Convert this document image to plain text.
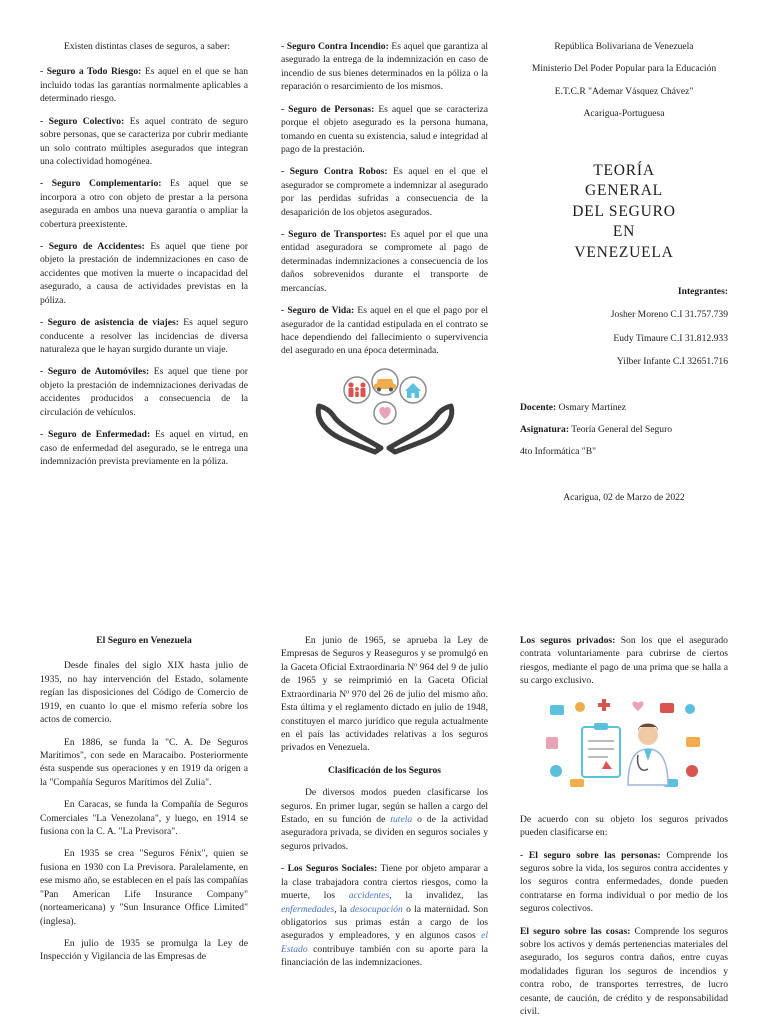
Existen distintas clases de seguros, a saber:

- Seguro a Todo Riesgo: Es aquel en el que se han incluido todas las garantías normalmente aplicables a determinado riesgo.

- Seguro Colectivo: Es aquel contrato de seguro sobre personas, que se caracteriza por cubrir mediante un solo contrato múltiples asegurados que integran una colectividad homogénea.

- Seguro Complementario: Es aquel que se incorpora a otro con objeto de prestar a la persona asegurada en ambos una nueva garantía o ampliar la cobertura preexistente.

- Seguro de Accidentes: Es aquel que tiene por objeto la prestación de indemnizaciones en caso de accidentes que motiven la muerte o incapacidad del asegurado, a causa de actividades previstas en la póliza.

- Seguro de asistencia de viajes: Es aquel seguro conducente a resolver las incidencias de diversa naturaleza que le hayan surgido durante un viaje.

- Seguro de Automóviles: Es aquel que tiene por objeto la prestación de indemnizaciones derivadas de accidentes producidos a consecuencia de la circulación de vehículos.

- Seguro de Enfermedad: Es aquel en virtud, en caso de enfermedad del asegurado, se le entrega una indemnización prevista previamente en la póliza.

- Seguro Contra Incendio: Es aquel que garantiza al asegurado la entrega de la indemnización en caso de incendio de sus bienes determinados en la póliza o la reparación o resarcimiento de los mismos.

- Seguro de Personas: Es aquel que se caracteriza porque el objeto asegurado es la persona humana, tomando en cuenta su existencia, salud e integridad al pago de la prestación.

- Seguro Contra Robos: Es aquel en el que el asegurador se compromete a indemnizar al asegurado por las perdidas sufridas a consecuencia de la desaparición de los objetos asegurados.

- Seguro de Transportes: Es aquel por el que una entidad aseguradora se compromete al pago de determinadas indemnizaciones a consecuencia de los daños sobrevenidos durante el transporte de mercancías.

- Seguro de Vida: Es aquel en el que el pago por el asegurador de la cantidad estipulada en el contrato se hace dependiendo del fallecimiento o supervivencia del asegurado en una época determinada.

República Bolivariana de Venezuela

Ministerio Del Poder Popular para la Educación

E.T.C.R "Ademar Vásquez Chávez"

Acarigua-Portuguesa

TEORÍA
GENERAL
DEL SEGURO
EN
VENEZUELA

Integrantes:

Josher Moreno C.I 31.757.739

Eudy Timaure C.I 31.812.933

Yilber Infante C.I 32651.716

Docente: Osmary Martínez

Asignatura: Teoría General del Seguro

4to Informática "B"

Acarigua, 02 de Marzo de 2022

El Seguro en Venezuela

Desde finales del siglo XIX hasta julio de 1935, no hay intervención del Estado, solamente regían las disposiciones del Código de Comercio de 1919, en cuanto lo que el mismo refería sobre los actos de comercio.

En 1886, se funda la "C. A. De Seguros Marítimos", con sede en Maracaibo. Posteriormente ésta suspende sus operaciones y en 1919 da origen a la "Compañía Seguros Marítimos del Zulia".

En Caracas, se funda la Compañía de Seguros Comerciales "La Venezolana", y luego, en 1914 se fusiona con la C. A. "La Previsora".

En 1935 se crea "Seguros Fénix", quien se fusiona en 1930 con La Previsora. Paralelamente, en ese mismo año, se establecen en el país las compañías "Pan American Life Insurance Company" (norteamericana) y "Sun Insurance Office Limited" (inglesa).

En julio de 1935 se promulga la Ley de Inspección y Vigilancia de las Empresas de

En junio de 1965, se aprueba la Ley de Empresas de Seguros y Reaseguros y se promulgó en la Gaceta Oficial Extraordinaria Nº 964 del 9 de julio de 1965 y se reimprimió en la Gaceta Oficial Extraordinaria Nº 970 del 26 de julio del mismo año. Esta última y el reglamento dictado en julio de 1948, constituyen el marco jurídico que regula actualmente en el país las actividades relativas a los seguros privados en Venezuela.

Clasificación de los Seguros

De diversos modos pueden clasificarse los seguros. En primer lugar, según se hallen a cargo del Estado, en su función de tutela o de la actividad aseguradora privada, se dividen en seguros sociales y seguros privados.

- Los Seguros Sociales: Tiene por objeto amparar a la clase trabajadora contra ciertos riesgos, como la muerte, los accidentes, la invalidez, las enfermedades, la desocupación o la maternidad. Son obligatorios sus primas están a cargo de los asegurados y empleadores, y en algunos casos el Estado contribuye también con su aporte para la financiación de las indemnizaciones.

Los seguros privados: Son los que el asegurado contrata voluntariamente para cubrirse de ciertos riesgos, mediante el pago de una prima que se halla a su cargo exclusivo.

De acuerdo con su objeto los seguros privados pueden clasificarse en:

- El seguro sobre las personas: Comprende los seguros sobre la vida, los seguros contra accidentes y los seguros contra enfermedades, donde pueden contratarse en forma individual o por medio de los seguros colectivos.

El seguro sobre las cosas: Comprende los seguros sobre los activos y demás pertenencias materiales del asegurado, los seguros contra daños, entre cuyas modalidades figuran los seguros de incendios y contra robo, de transportes terrestres, de lucro cesante, de caución, de crédito y de responsabilidad civil.
